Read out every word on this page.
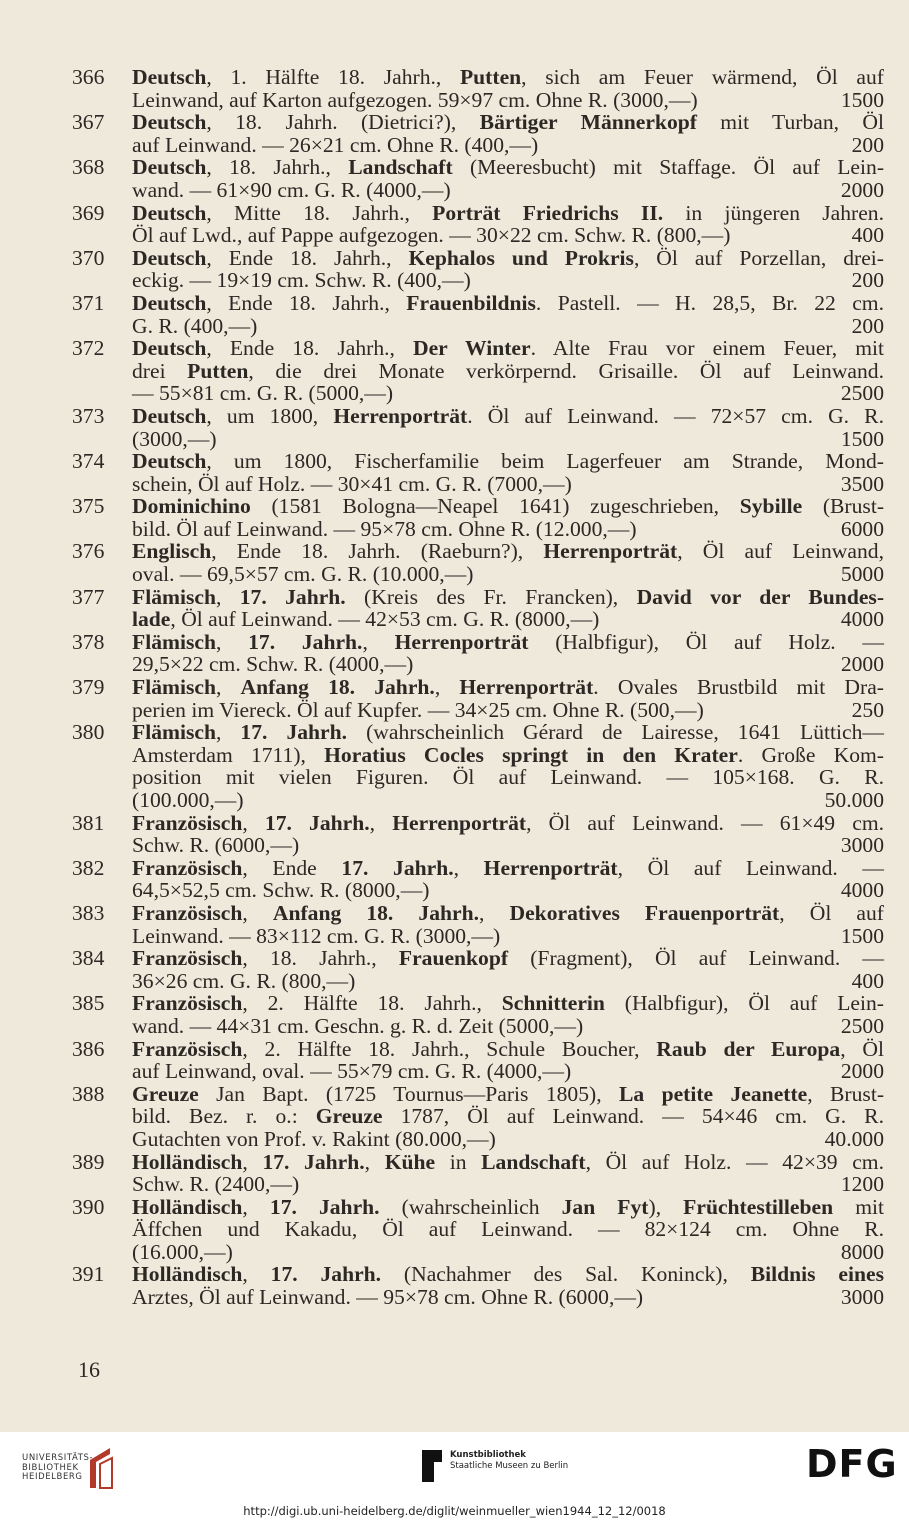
366	Deutsch, 1. Hälfte 18. Jahrh., Putten, sich am Feuer wärmend, Öl auf
Leinwand, auf Karton aufgezogen. 59×97 cm. Ohne R. (3000,—)	1500
367	Deutsch, 18. Jahrh. (Dietrici?), Bärtiger Männerkopf mit Turban, Öl
auf Leinwand. — 26×21 cm. Ohne R. (400,—)	200
368	Deutsch, 18. Jahrh., Landschaft (Meeresbucht) mit Staffage. Öl auf Lein-
wand. — 61×90 cm. G. R. (4000,—)	2000
369	Deutsch, Mitte 18. Jahrh., Porträt Friedrichs II. in jüngeren Jahren.
Öl auf Lwd., auf Pappe aufgezogen. — 30×22 cm. Schw. R. (800,—)	400
370	Deutsch, Ende 18. Jahrh., Kephalos und Prokris, Öl auf Porzellan, drei-
eckig. — 19×19 cm. Schw. R. (400,—)	200
371	Deutsch, Ende 18. Jahrh., Frauenbildnis. Pastell. — H. 28,5, Br. 22 cm.
G. R. (400,—)	200
372	Deutsch, Ende 18. Jahrh., Der Winter. Alte Frau vor einem Feuer, mit
drei Putten, die drei Monate verkörpernd. Grisaille. Öl auf Leinwand.
— 55×81 cm. G. R. (5000,—)	2500
373	Deutsch, um 1800, Herrenporträt. Öl auf Leinwand. — 72×57 cm. G. R.
(3000,—)	1500
374	Deutsch, um 1800, Fischerfamilie beim Lagerfeuer am Strande, Mond-
schein, Öl auf Holz. — 30×41 cm. G. R. (7000,—)	3500
375	Dominichino (1581 Bologna—Neapel 1641) zugeschrieben, Sybille (Brust-
bild. Öl auf Leinwand. — 95×78 cm. Ohne R. (12.000,—)	6000
376	Englisch, Ende 18. Jahrh. (Raeburn?), Herrenporträt, Öl auf Leinwand,
oval. — 69,5×57 cm. G. R. (10.000,—)	5000
377	Flämisch, 17. Jahrh. (Kreis des Fr. Francken), David vor der Bundes-
lade, Öl auf Leinwand. — 42×53 cm. G. R. (8000,—)	4000
378	Flämisch, 17. Jahrh., Herrenporträt (Halbfigur), Öl auf Holz. —
29,5×22 cm. Schw. R. (4000,—)	2000
379	Flämisch, Anfang 18. Jahrh., Herrenporträt. Ovales Brustbild mit Dra-
perien im Viereck. Öl auf Kupfer. — 34×25 cm. Ohne R. (500,—)	250
380	Flämisch, 17. Jahrh. (wahrscheinlich Gérard de Lairesse, 1641 Lüttich—
Amsterdam 1711), Horatius Cocles springt in den Krater. Große Kom-
position mit vielen Figuren. Öl auf Leinwand. — 105×168. G. R.
(100.000,—)	50.000
381	Französisch, 17. Jahrh., Herrenporträt, Öl auf Leinwand. — 61×49 cm.
Schw. R. (6000,—)	3000
382	Französisch, Ende 17. Jahrh., Herrenporträt, Öl auf Leinwand. —
64,5×52,5 cm. Schw. R. (8000,—)	4000
383	Französisch, Anfang 18. Jahrh., Dekoratives Frauenporträt, Öl auf
Leinwand. — 83×112 cm. G. R. (3000,—)	1500
384	Französisch, 18. Jahrh., Frauenkopf (Fragment), Öl auf Leinwand. —
36×26 cm. G. R. (800,—)	400
385	Französisch, 2. Hälfte 18. Jahrh., Schnitterin (Halbfigur), Öl auf Lein-
wand. — 44×31 cm. Geschn. g. R. d. Zeit (5000,—)	2500
386	Französisch, 2. Hälfte 18. Jahrh., Schule Boucher, Raub der Europa, Öl
auf Leinwand, oval. — 55×79 cm. G. R. (4000,—)	2000
388	Greuze Jan Bapt. (1725 Tournus—Paris 1805), La petite Jeanette, Brust-
bild. Bez. r. o.: Greuze 1787, Öl auf Leinwand. — 54×46 cm. G. R.
Gutachten von Prof. v. Rakint (80.000,—)	40.000
389	Holländisch, 17. Jahrh., Kühe in Landschaft, Öl auf Holz. — 42×39 cm.
Schw. R. (2400,—)	1200
390	Holländisch, 17. Jahrh. (wahrscheinlich Jan Fyt), Früchtestilleben mit
Äffchen und Kakadu, Öl auf Leinwand. — 82×124 cm. Ohne R.
(16.000,—)	8000
391	Holländisch, 17. Jahrh. (Nachahmer des Sal. Koninck), Bildnis eines
Arztes, Öl auf Leinwand. — 95×78 cm. Ohne R. (6000,—)	3000
16
UNIVERSITÄTS-
BIBLIOTHEK
HEIDELBERG
Kunstbibliothek
Staatliche Museen zu Berlin	DFG
http://digi.ub.uni-heidelberg.de/diglit/weinmueller_wien1944_12_12/0018
